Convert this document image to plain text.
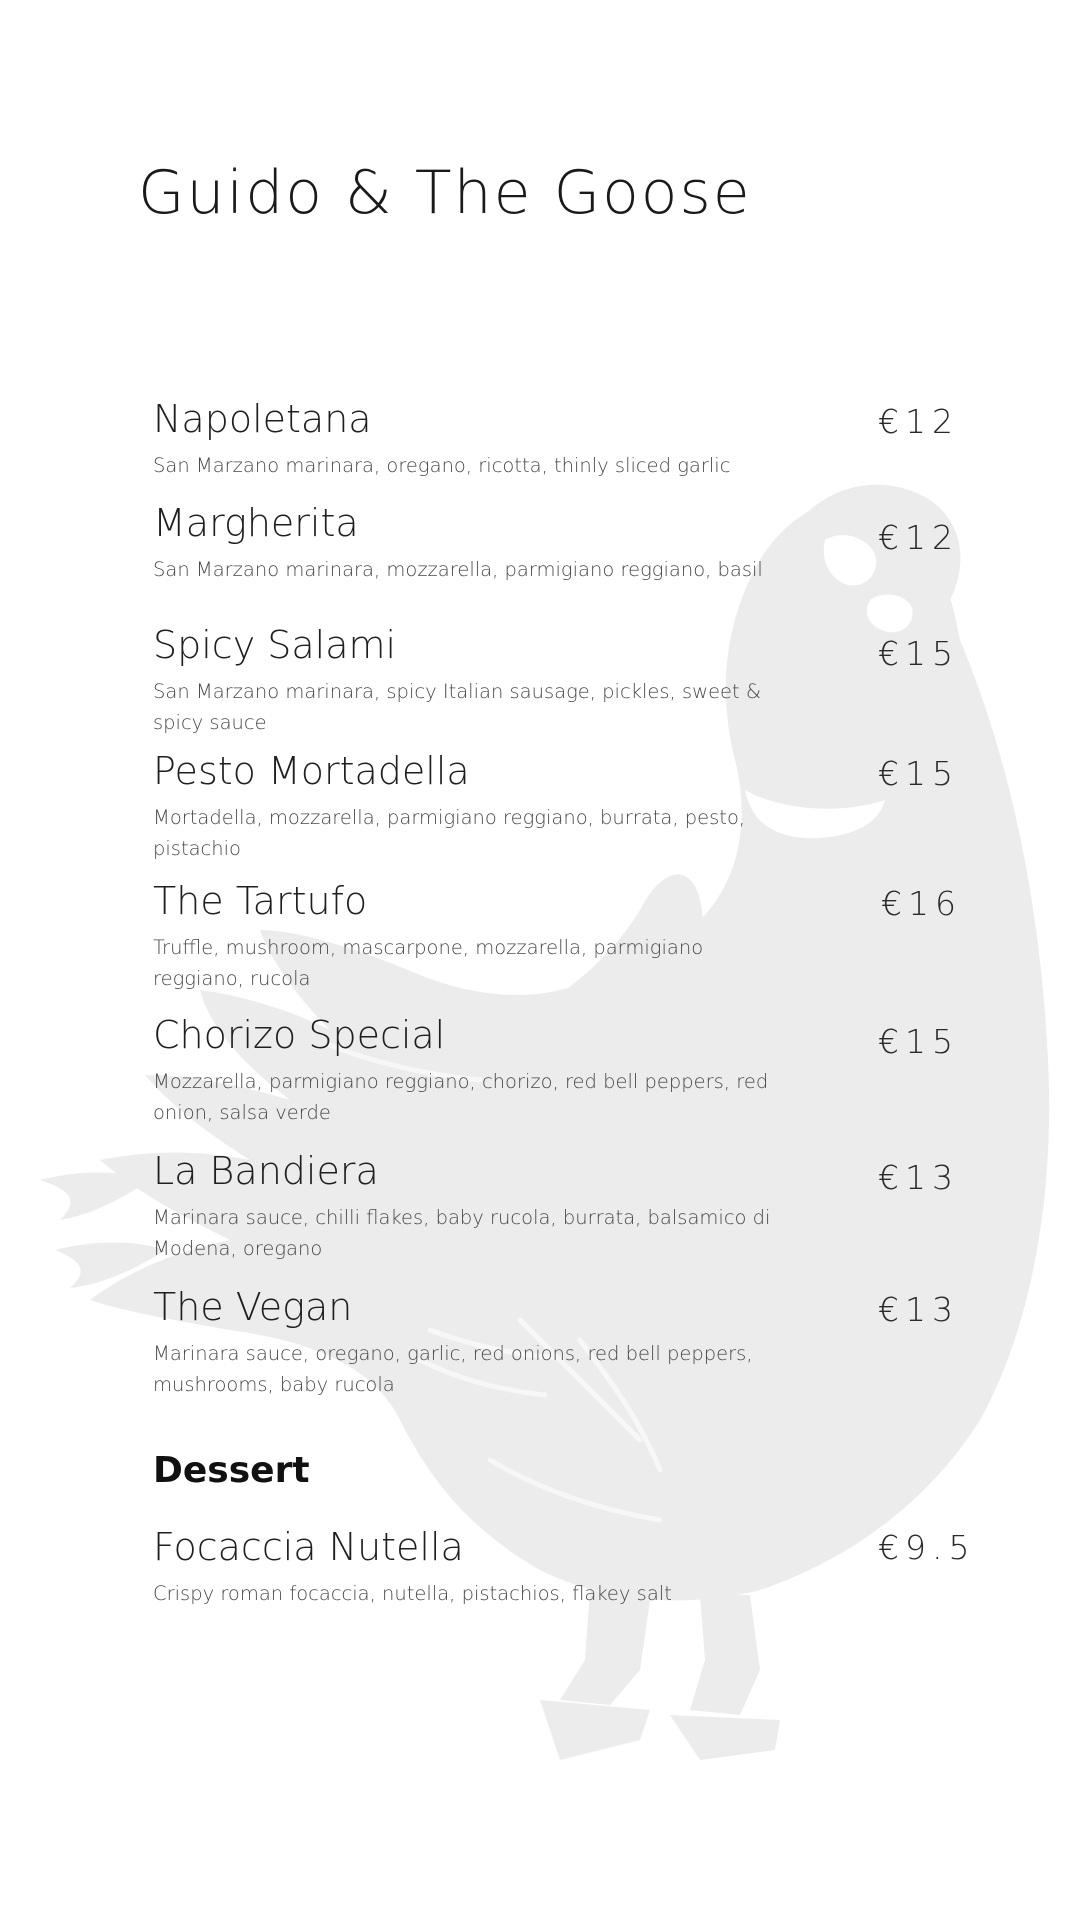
Guido & The Goose
Napoletana
San Marzano marinara, oregano, ricotta, thinly sliced garlic
€12
Margherita
San Marzano marinara, mozzarella, parmigiano reggiano, basil
€12
Spicy Salami
San Marzano marinara, spicy Italian sausage, pickles, sweet & spicy sauce
€15
Pesto Mortadella
Mortadella, mozzarella, parmigiano reggiano, burrata, pesto, pistachio
€15
The Tartufo
Truffle, mushroom, mascarpone, mozzarella, parmigiano reggiano, rucola
€16
Chorizo Special
Mozzarella, parmigiano reggiano, chorizo, red bell peppers, red onion, salsa verde
€15
La Bandiera
Marinara sauce, chilli flakes, baby rucola, burrata, balsamico di Modena, oregano
€13
The Vegan
Marinara sauce, oregano, garlic, red onions, red bell peppers, mushrooms, baby rucola
€13
Dessert
Focaccia Nutella
Crispy roman focaccia, nutella, pistachios, flakey salt
€9.5
